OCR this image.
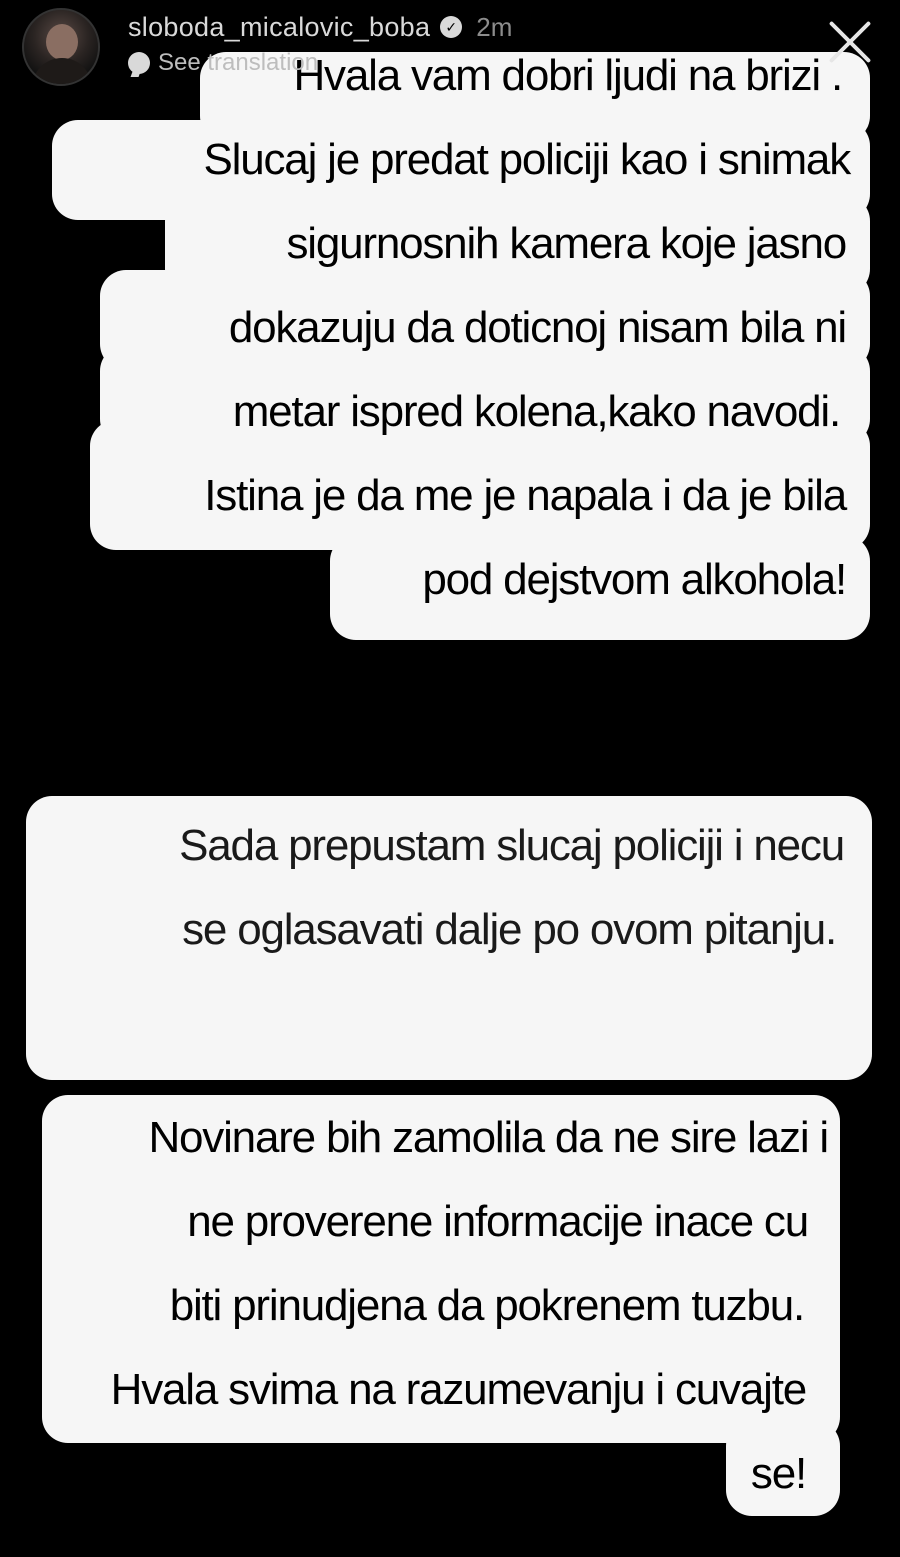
sloboda_micalovic_boba	✓ 2m
See translation
Hvala vam dobri ljudi na brizi .
Slucaj je predat policiji kao i snimak
sigurnosnih kamera koje jasno
dokazuju da doticnoj nisam bila ni
metar ispred kolena,kako navodi.
Istina je da me je napala i da je bila
pod dejstvom alkohola!
Sada prepustam slucaj policiji i necu
se oglasavati dalje po ovom pitanju.
Novinare bih zamolila da ne sire lazi i
ne proverene informacije inace cu
biti prinudjena da pokrenem tuzbu.
Hvala svima na razumevanju i cuvajte
se!
